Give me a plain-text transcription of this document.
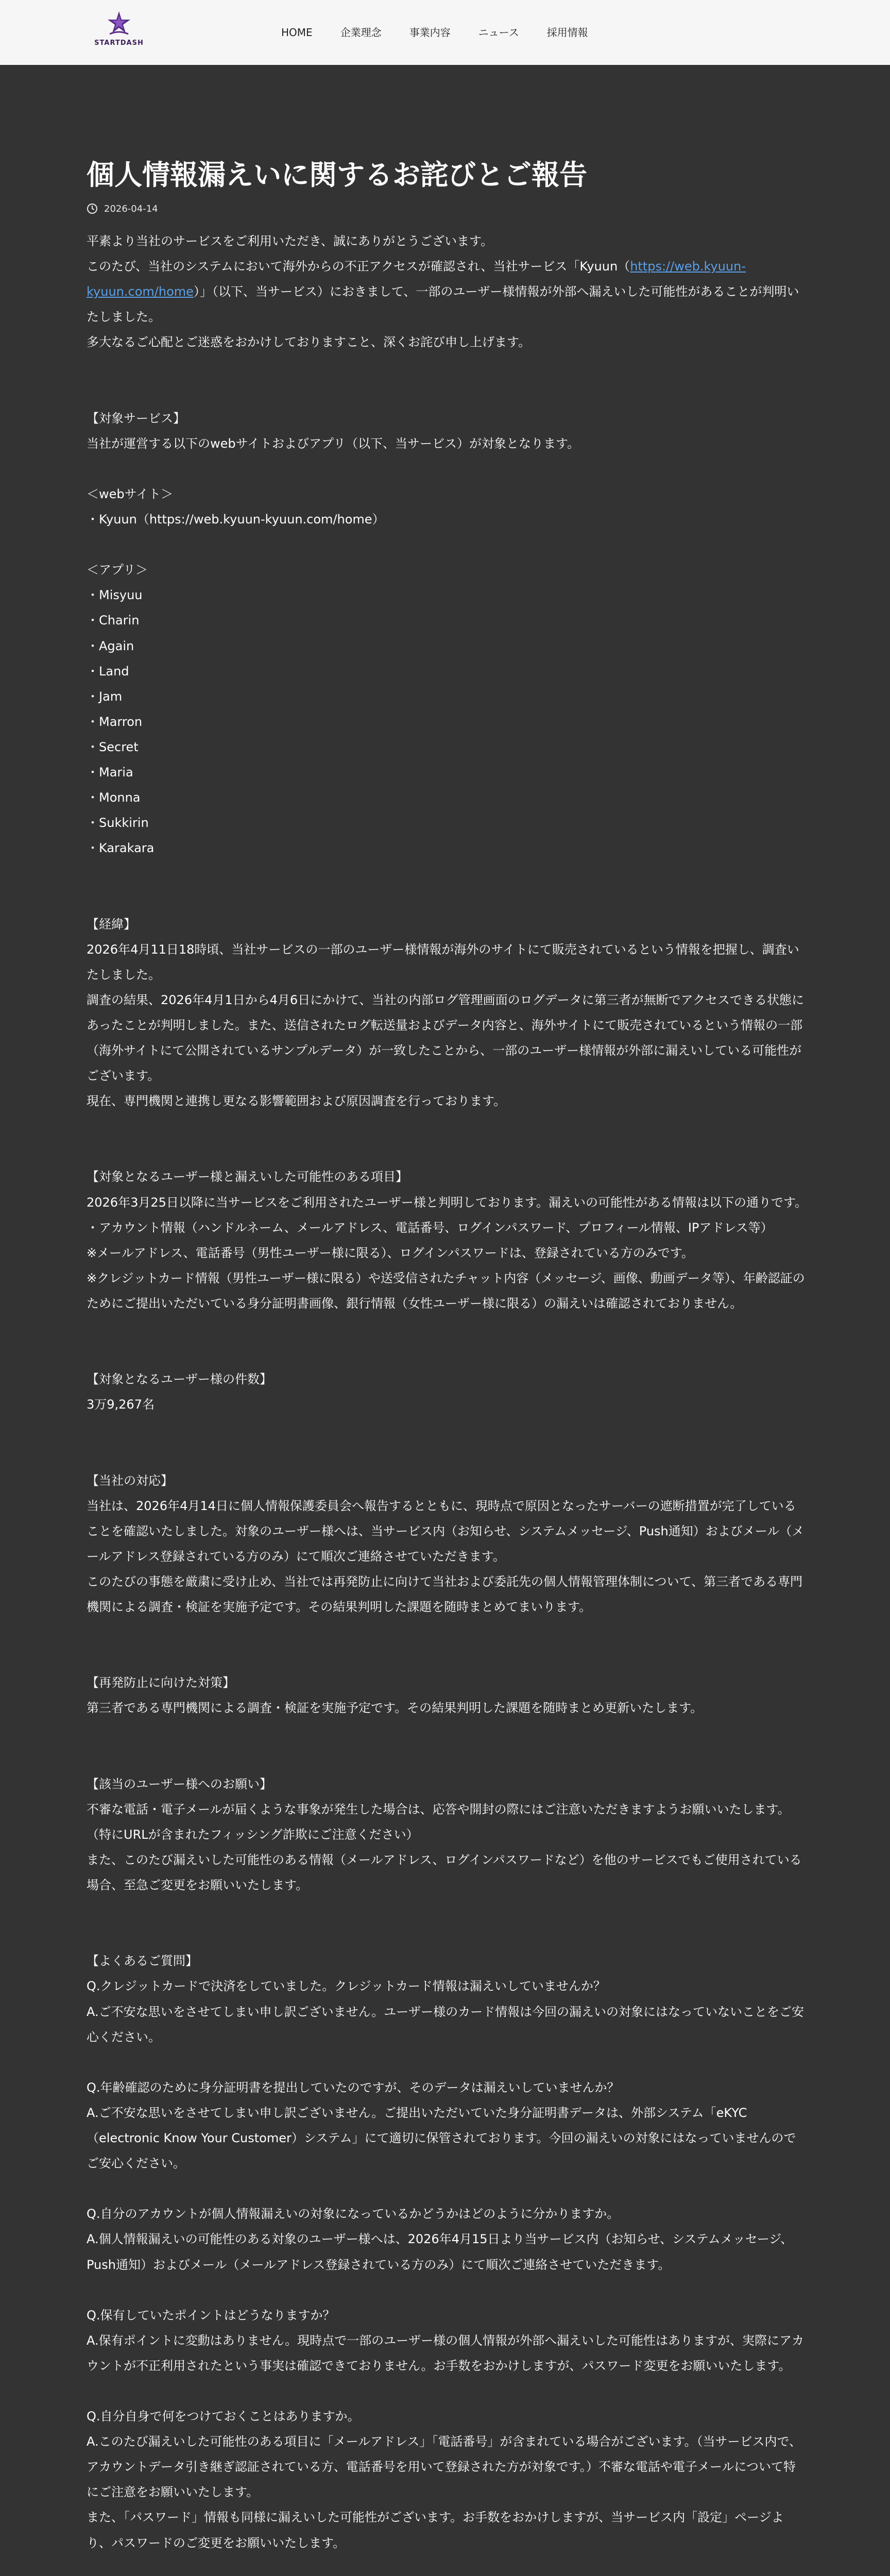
STARTDASH
HOME	企業理念	事業内容	ニュース	採用情報
個人情報漏えいに関するお詫びとご報告
2026-04-14

平素より当社のサービスをご利用いただき、誠にありがとうございます。

このたび、当社のシステムにおいて海外からの不正アクセスが確認され、当社サービス「Kyuun（https://web.kyuun-kyuun.com/home）」（以下、当サービス）におきまして、一部のユーザー様情報が外部へ漏えいした可能性があることが判明いたしました。

多大なるご心配とご迷惑をおかけしておりますこと、深くお詫び申し上げます。

【対象サービス】

当社が運営する以下のwebサイトおよびアプリ（以下、当サービス）が対象となります。

＜webサイト＞

・Kyuun（https://web.kyuun-kyuun.com/home）

＜アプリ＞

・Misyuu

・Charin

・Again

・Land

・Jam

・Marron

・Secret

・Maria

・Monna

・Sukkirin

・Karakara

【経緯】

2026年4月11日18時頃、当社サービスの一部のユーザー様情報が海外のサイトにて販売されているという情報を把握し、調査いたしました。

調査の結果、2026年4月1日から4月6日にかけて、当社の内部ログ管理画面のログデータに第三者が無断でアクセスできる状態にあったことが判明しました。また、送信されたログ転送量およびデータ内容と、海外サイトにて販売されているという情報の一部（海外サイトにて公開されているサンプルデータ）が一致したことから、一部のユーザー様情報が外部に漏えいしている可能性がございます。

現在、専門機関と連携し更なる影響範囲および原因調査を行っております。

【対象となるユーザー様と漏えいした可能性のある項目】

2026年3月25日以降に当サービスをご利用されたユーザー様と判明しております。漏えいの可能性がある情報は以下の通りです。

・アカウント情報（ハンドルネーム、メールアドレス、電話番号、ログインパスワード、プロフィール情報、IPアドレス等）

※メールアドレス、電話番号（男性ユーザー様に限る）、ログインパスワードは、登録されている方のみです。

※クレジットカード情報（男性ユーザー様に限る）や送受信されたチャット内容（メッセージ、画像、動画データ等）、年齢認証のためにご提出いただいている身分証明書画像、銀行情報（女性ユーザー様に限る）の漏えいは確認されておりません。

【対象となるユーザー様の件数】

3万9,267名

【当社の対応】

当社は、2026年4月14日に個人情報保護委員会へ報告するとともに、現時点で原因となったサーバーの遮断措置が完了していることを確認いたしました。対象のユーザー様へは、当サービス内（お知らせ、システムメッセージ、Push通知）およびメール（メールアドレス登録されている方のみ）にて順次ご連絡させていただきます。

このたびの事態を厳粛に受け止め、当社では再発防止に向けて当社および委託先の個人情報管理体制について、第三者である専門機関による調査・検証を実施予定です。その結果判明した課題を随時まとめてまいります。

【再発防止に向けた対策】

第三者である専門機関による調査・検証を実施予定です。その結果判明した課題を随時まとめ更新いたします。

【該当のユーザー様へのお願い】

不審な電話・電子メールが届くような事象が発生した場合は、応答や開封の際にはご注意いただきますようお願いいたします。（特にURLが含まれたフィッシング詐欺にご注意ください）

また、このたび漏えいした可能性のある情報（メールアドレス、ログインパスワードなど）を他のサービスでもご使用されている場合、至急ご変更をお願いいたします。

【よくあるご質問】

Q.クレジットカードで決済をしていました。クレジットカード情報は漏えいしていませんか？

A.ご不安な思いをさせてしまい申し訳ございません。ユーザー様のカード情報は今回の漏えいの対象にはなっていないことをご安心ください。

Q.年齢確認のために身分証明書を提出していたのですが、そのデータは漏えいしていませんか？

A.ご不安な思いをさせてしまい申し訳ございません。ご提出いただいていた身分証明書データは、外部システム「eKYC（electronic Know Your Customer）システム」にて適切に保管されております。今回の漏えいの対象にはなっていませんのでご安心ください。

Q.自分のアカウントが個人情報漏えいの対象になっているかどうかはどのように分かりますか。

A.個人情報漏えいの可能性のある対象のユーザー様へは、2026年4月15日より当サービス内（お知らせ、システムメッセージ、Push通知）およびメール（メールアドレス登録されている方のみ）にて順次ご連絡させていただきます。

Q.保有していたポイントはどうなりますか？

A.保有ポイントに変動はありません。現時点で一部のユーザー様の個人情報が外部へ漏えいした可能性はありますが、実際にアカウントが不正利用されたという事実は確認できておりません。お手数をおかけしますが、パスワード変更をお願いいたします。

Q.自分自身で何をつけておくことはありますか。

A.このたび漏えいした可能性のある項目に「メールアドレス」「電話番号」が含まれている場合がございます。（当サービス内で、アカウントデータ引き継ぎ認証されている方、電話番号を用いて登録された方が対象です。）不審な電話や電子メールについて特にご注意をお願いいたします。

また、「パスワード」情報も同様に漏えいした可能性がございます。お手数をおかけしますが、当サービス内「設定」ページより、パスワードのご変更をお願いいたします。
